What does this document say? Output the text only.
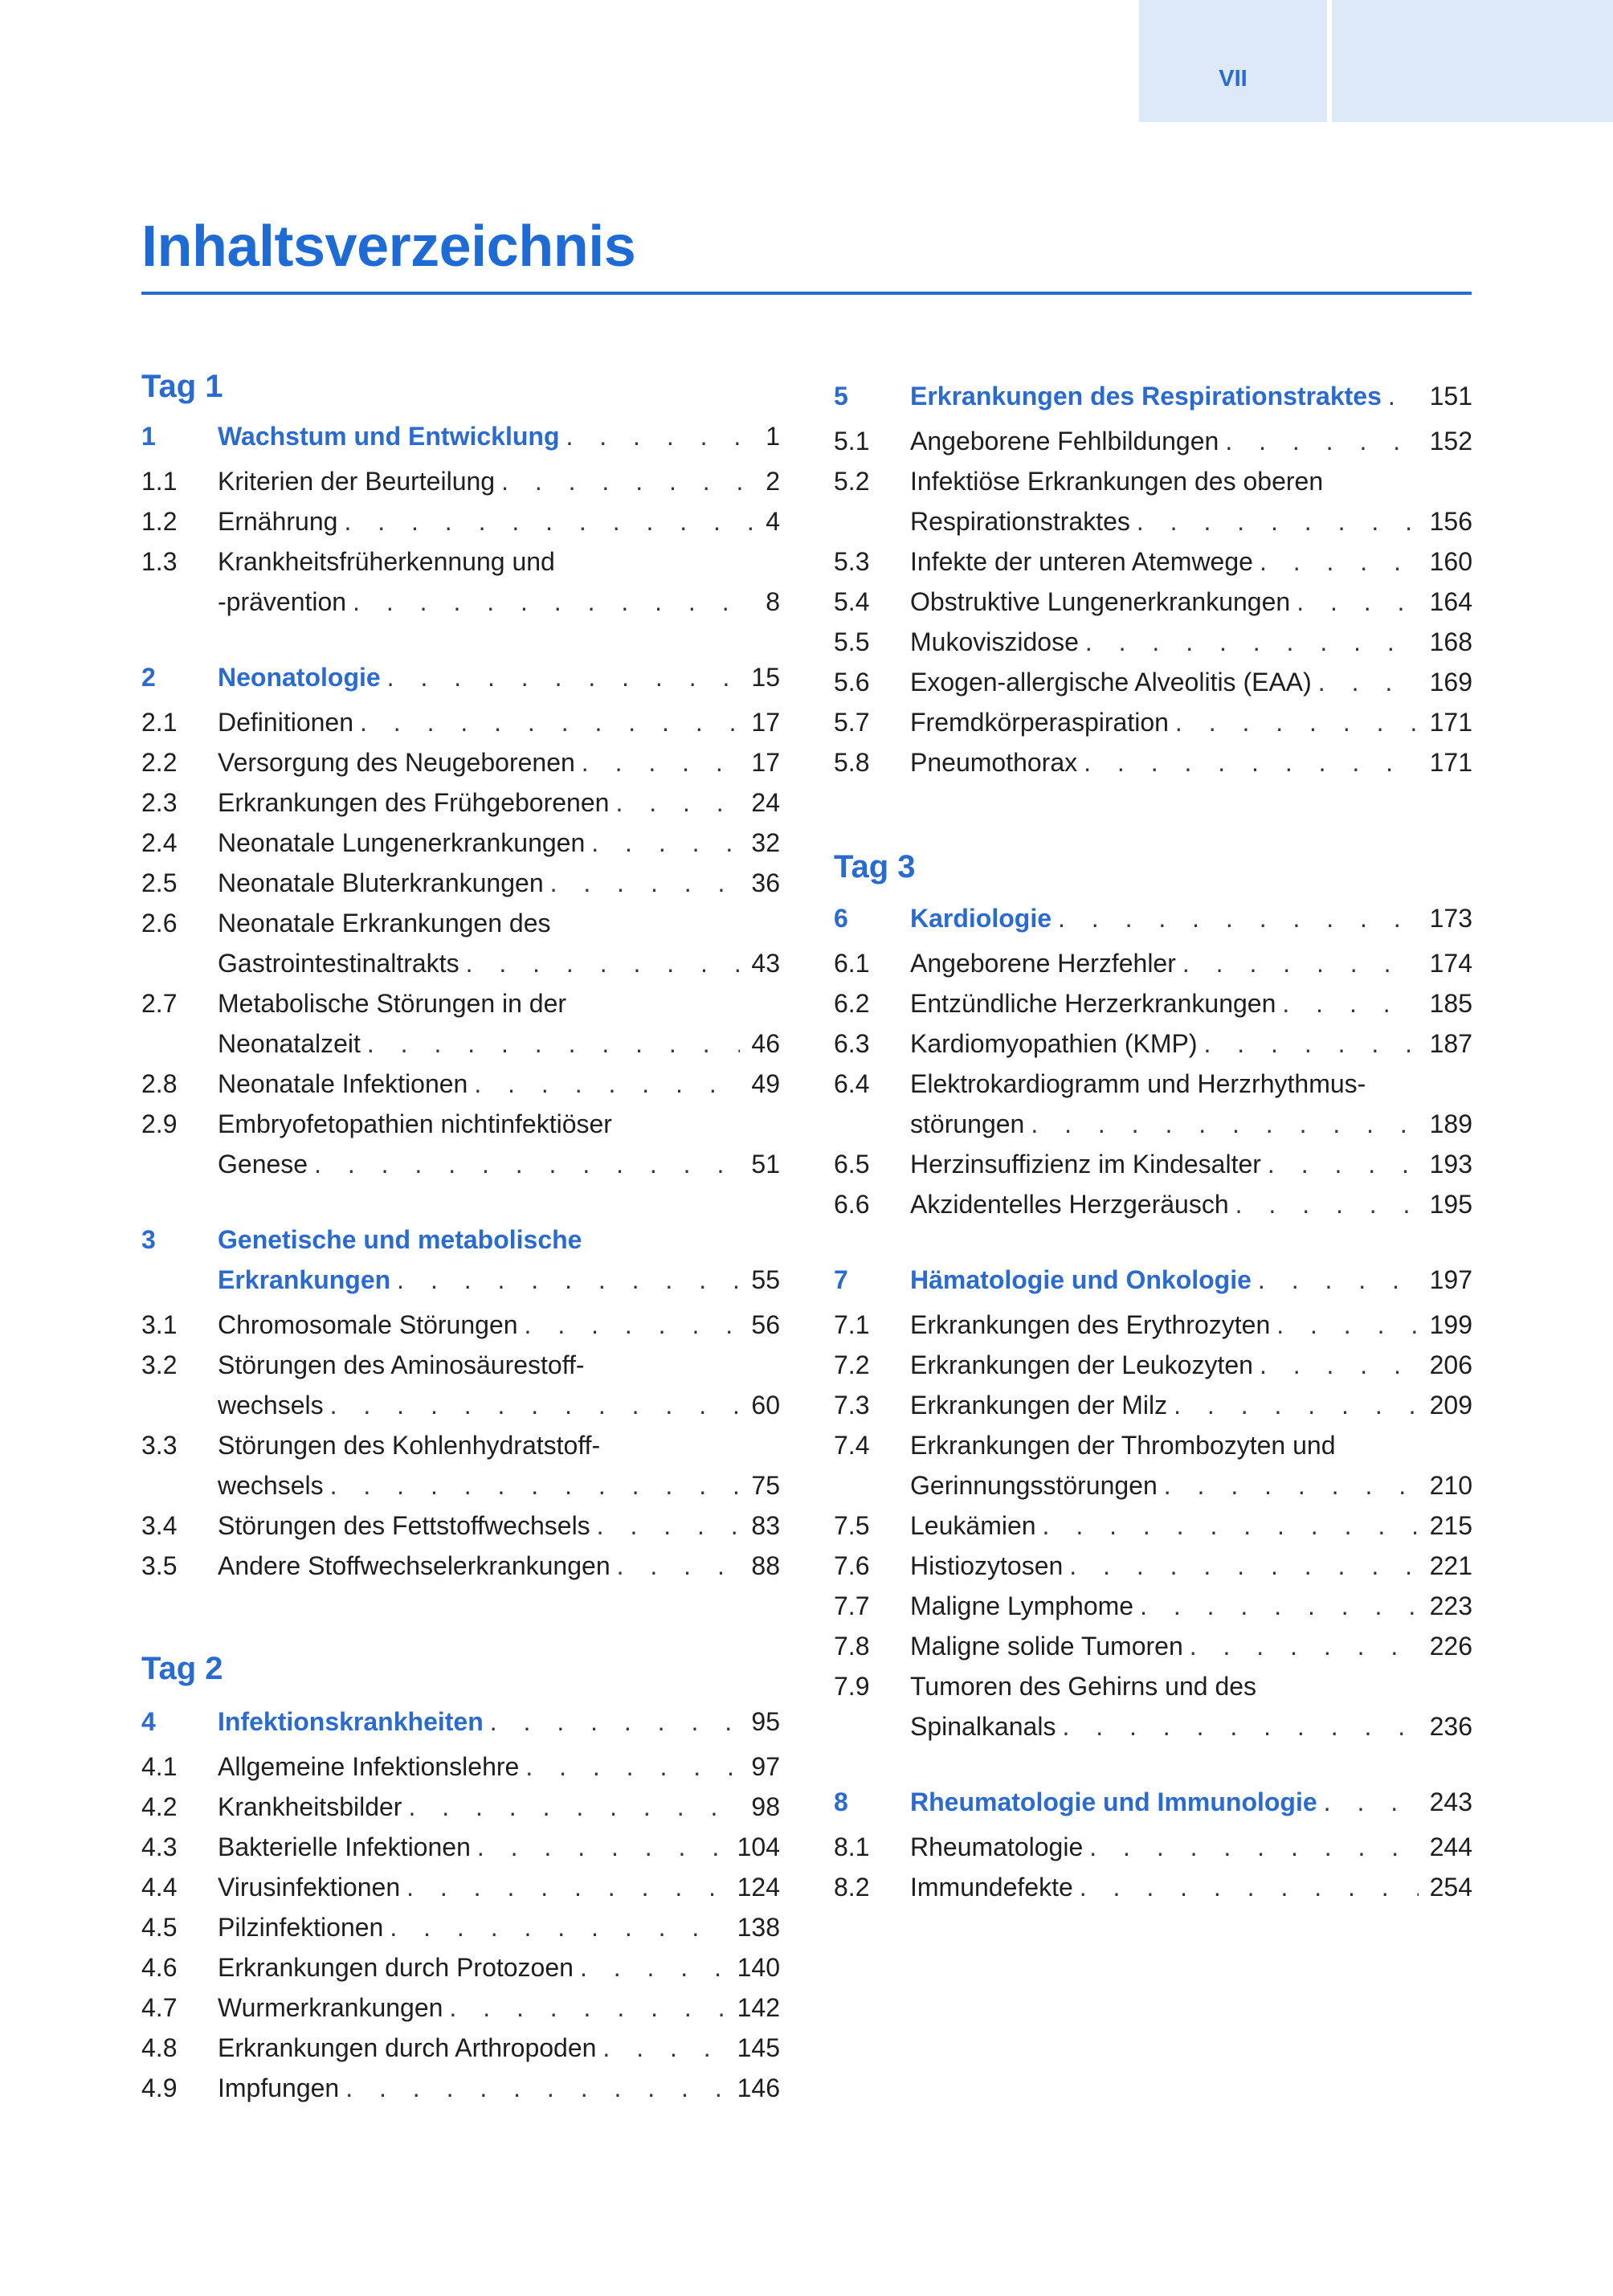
VII
Inhaltsverzeichnis
Tag 1
1 Wachstum und Entwicklung . . .	1
1.1 Kriterien der Beurteilung . . .	2
1.2 Ernährung . . .	4
1.3 Krankheitsfrüherkennung und
-prävention . . .	8
2 Neonatologie . . .	15
2.1 Definitionen . . .	17
2.2 Versorgung des Neugeborenen . . .	17
2.3 Erkrankungen des Frühgeborenen . . .	24
2.4 Neonatale Lungenerkrankungen . . .	32
2.5 Neonatale Bluterkrankungen . . .	36
2.6 Neonatale Erkrankungen des
Gastrointestinaltrakts . . .	43
2.7 Metabolische Störungen in der
Neonatalzeit . . .	46
2.8 Neonatale Infektionen . . .	49
2.9 Embryofetopathien nichtinfektiöser
Genese . . .	51
3 Genetische und metabolische
Erkrankungen . . .	55
3.1 Chromosomale Störungen . . .	56
3.2 Störungen des Aminosäurestoff-
wechsels . . .	60
3.3 Störungen des Kohlenhydratstoff-
wechsels . . .	75
3.4 Störungen des Fettstoffwechsels . . .	83
3.5 Andere Stoffwechselerkrankungen . . .	88
Tag 2
4 Infektionskrankheiten . . .	95
4.1 Allgemeine Infektionslehre . . .	97
4.2 Krankheitsbilder . . .	98
4.3 Bakterielle Infektionen . . .	104
4.4 Virusinfektionen . . .	124
4.5 Pilzinfektionen . . .	138
4.6 Erkrankungen durch Protozoen . . .	140
4.7 Wurmerkrankungen . . .	142
4.8 Erkrankungen durch Arthropoden . . .	145
4.9 Impfungen . . .	146
5 Erkrankungen des Respirationstraktes . . . 151
5.1 Angeborene Fehlbildungen . . .	152
5.2 Infektiöse Erkrankungen des oberen
Respirationstraktes . . .	156
5.3 Infekte der unteren Atemwege . . .	160
5.4 Obstruktive Lungenerkrankungen . . .	164
5.5 Mukoviszidose . . .	168
5.6 Exogen-allergische Alveolitis (EAA) . . .	169
5.7 Fremdkörperaspiration . . .	171
5.8 Pneumothorax . . .	171
Tag 3
6 Kardiologie . . .	173
6.1 Angeborene Herzfehler . . .	174
6.2 Entzündliche Herzerkrankungen . . .	185
6.3 Kardiomyopathien (KMP) . . .	187
6.4 Elektrokardiogramm und Herzrhythmus-
störungen . . .	189
6.5 Herzinsuffizienz im Kindesalter . . .	193
6.6 Akzidentelles Herzgeräusch . . .	195
7 Hämatologie und Onkologie . . .	197
7.1 Erkrankungen des Erythrozyten . . .	199
7.2 Erkrankungen der Leukozyten . . .	206
7.3 Erkrankungen der Milz . . .	209
7.4 Erkrankungen der Thrombozyten und
Gerinnungsstörungen . . .	210
7.5 Leukämien . . .	215
7.6 Histiozytosen . . .	221
7.7 Maligne Lymphome . . .	223
7.8 Maligne solide Tumoren . . .	226
7.9 Tumoren des Gehirns und des
Spinalkanals . . .	236
8 Rheumatologie und Immunologie . . .	243
8.1 Rheumatologie . . .	244
8.2 Immundefekte . . .	254
